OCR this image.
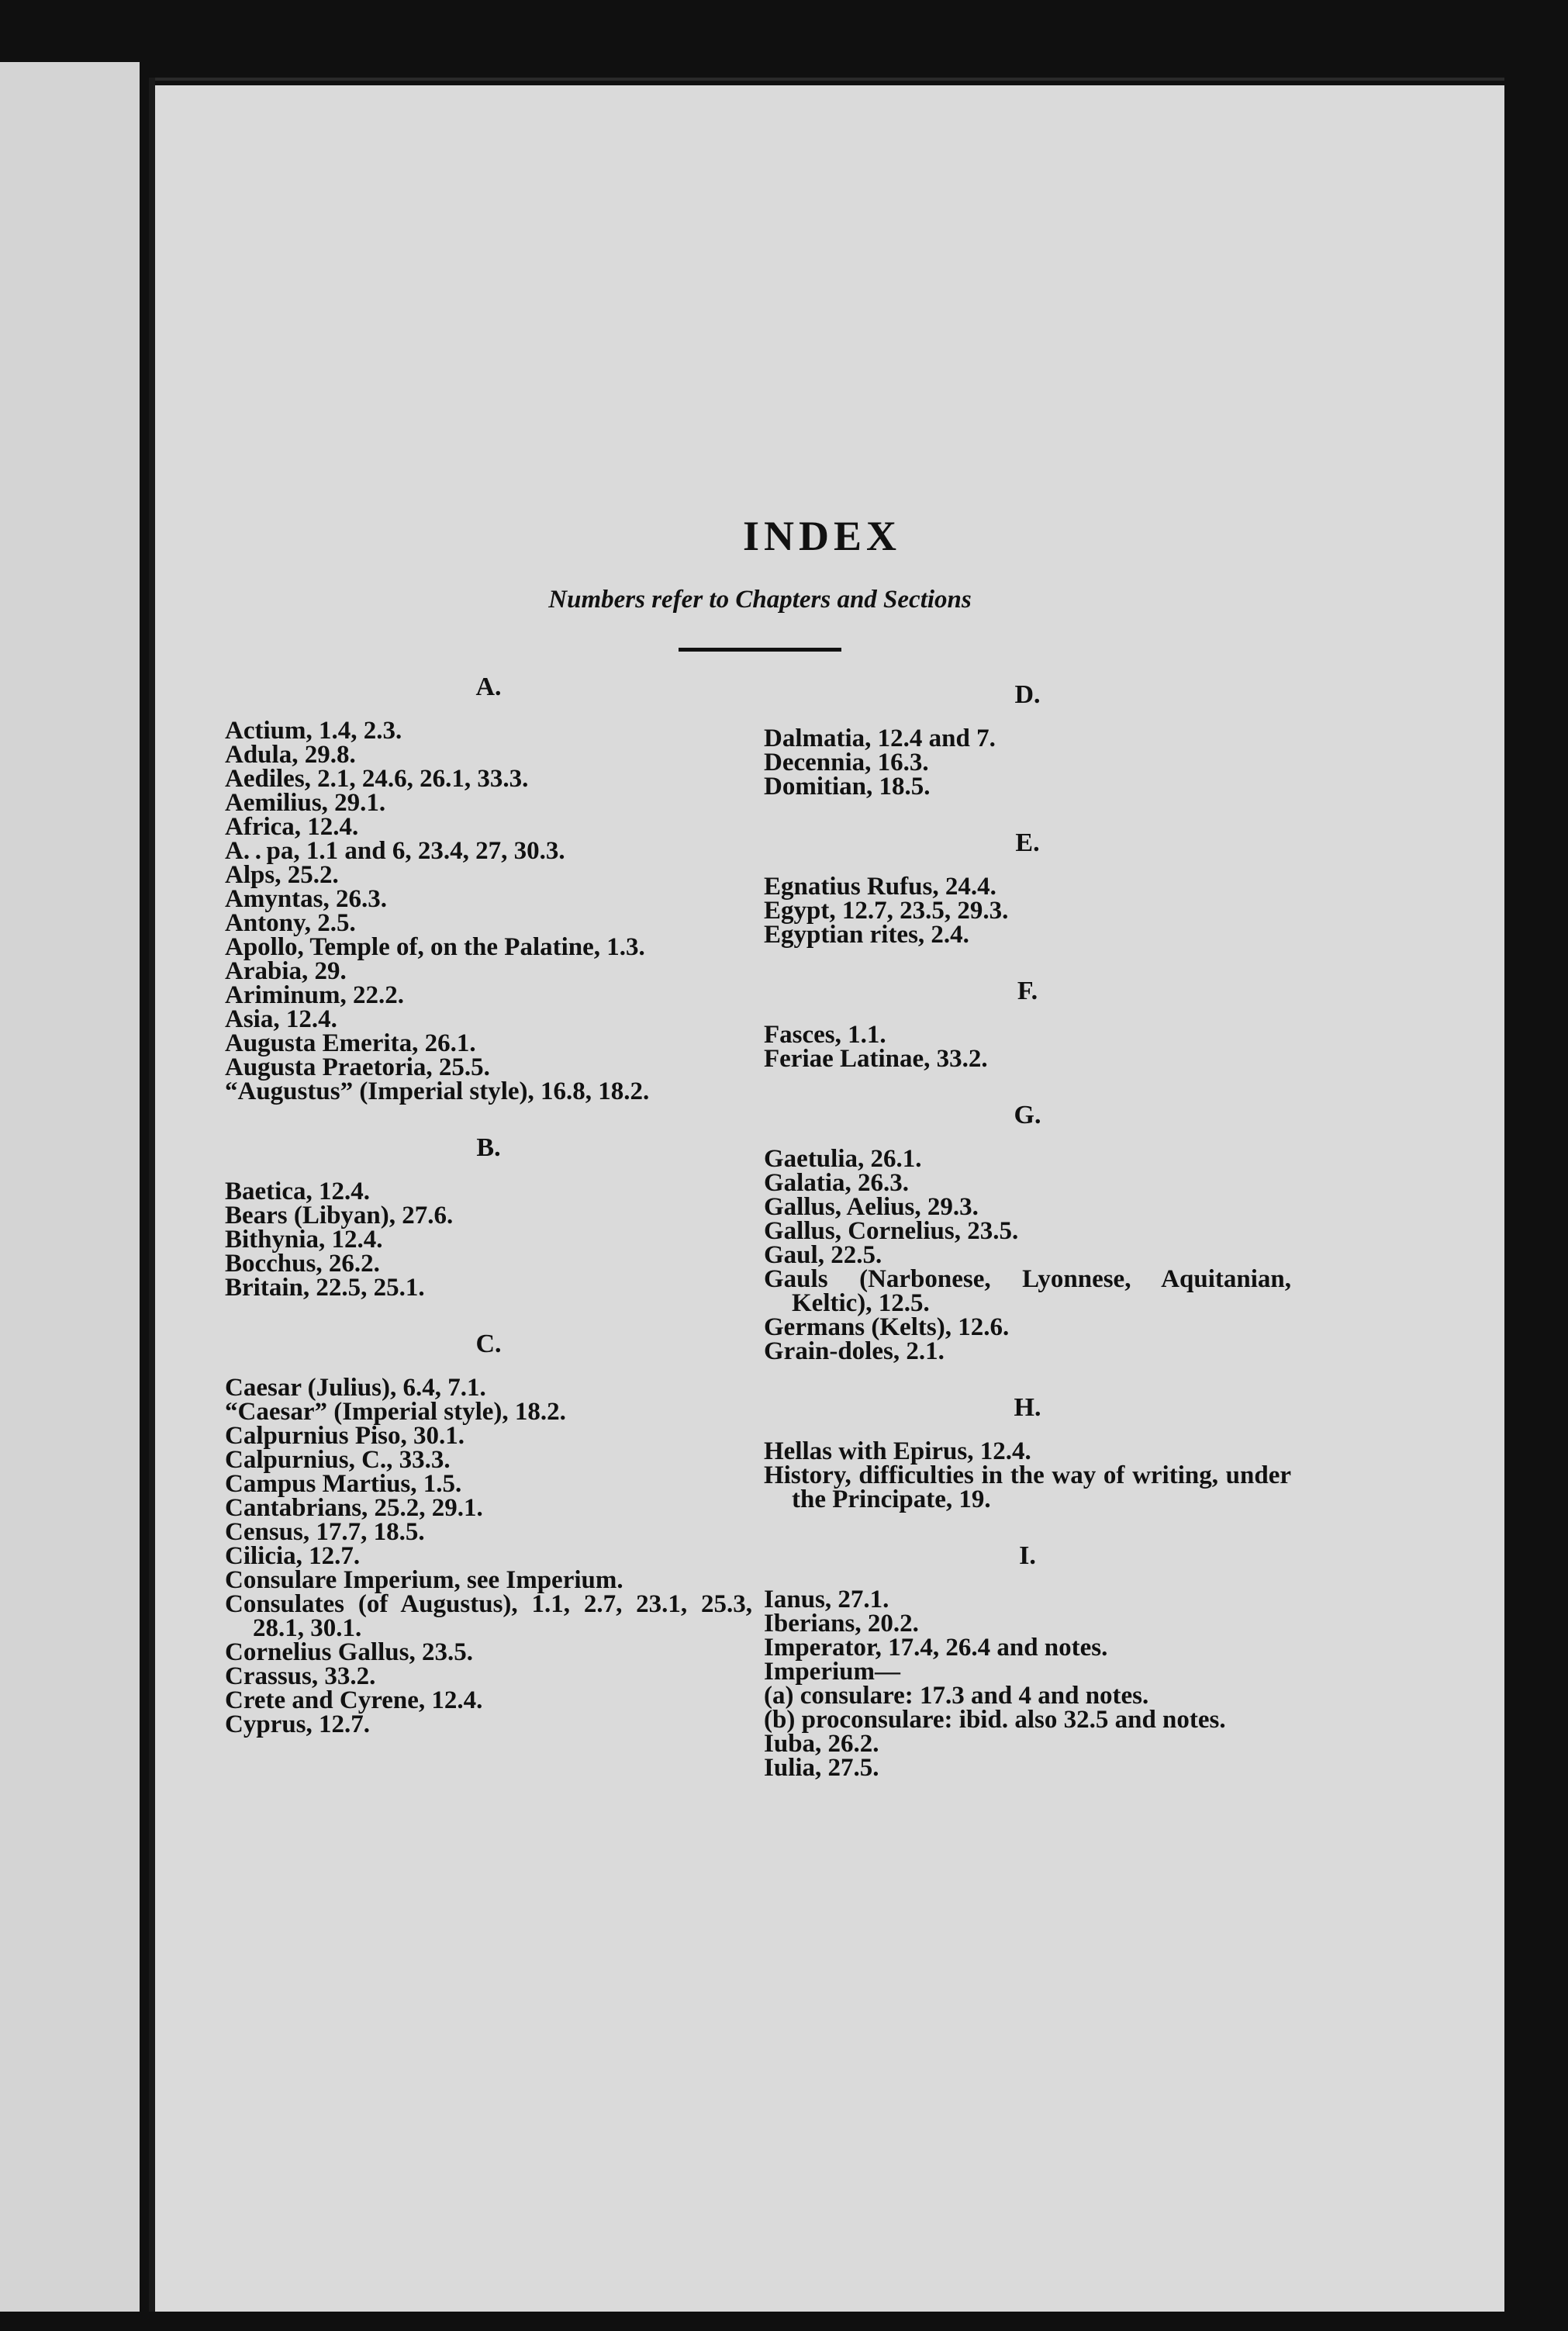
INDEX
Numbers refer to Chapters and Sections
A.
Actium, 1.4, 2.3.
Adula, 29.8.
Aediles, 2.1, 24.6, 26.1, 33.3.
Aemilius, 29.1.
Africa, 12.4.
A. . pa, 1.1 and 6, 23.4, 27, 30.3.
Alps, 25.2.
Amyntas, 26.3.
Antony, 2.5.
Apollo, Temple of, on the Palatine, 1.3.
Arabia, 29.
Ariminum, 22.2.
Asia, 12.4.
Augusta Emerita, 26.1.
Augusta Praetoria, 25.5.
“Augustus” (Imperial style), 16.8, 18.2.
B.
Baetica, 12.4.
Bears (Libyan), 27.6.
Bithynia, 12.4.
Bocchus, 26.2.
Britain, 22.5, 25.1.
C.
Caesar (Julius), 6.4, 7.1.
“Caesar” (Imperial style), 18.2.
Calpurnius Piso, 30.1.
Calpurnius, C., 33.3.
Campus Martius, 1.5.
Cantabrians, 25.2, 29.1.
Census, 17.7, 18.5.
Cilicia, 12.7.
Consulare Imperium, see Imperium.
Consulates (of Augustus), 1.1, 2.7, 23.1, 25.3, 28.1, 30.1.
Cornelius Gallus, 23.5.
Crassus, 33.2.
Crete and Cyrene, 12.4.
Cyprus, 12.7.
D.
Dalmatia, 12.4 and 7.
Decennia, 16.3.
Domitian, 18.5.
E.
Egnatius Rufus, 24.4.
Egypt, 12.7, 23.5, 29.3.
Egyptian rites, 2.4.
F.
Fasces, 1.1.
Feriae Latinae, 33.2.
G.
Gaetulia, 26.1.
Galatia, 26.3.
Gallus, Aelius, 29.3.
Gallus, Cornelius, 23.5.
Gaul, 22.5.
Gauls (Narbonese, Lyonnese, Aquitanian, Keltic), 12.5.
Germans (Kelts), 12.6.
Grain-doles, 2.1.
H.
Hellas with Epirus, 12.4.
History, difficulties in the way of writing, under the Principate, 19.
I.
Ianus, 27.1.
Iberians, 20.2.
Imperator, 17.4, 26.4 and notes.
Imperium—
(a) consulare: 17.3 and 4 and notes.
(b) proconsulare: ibid. also 32.5 and notes.
Iuba, 26.2.
Iulia, 27.5.
